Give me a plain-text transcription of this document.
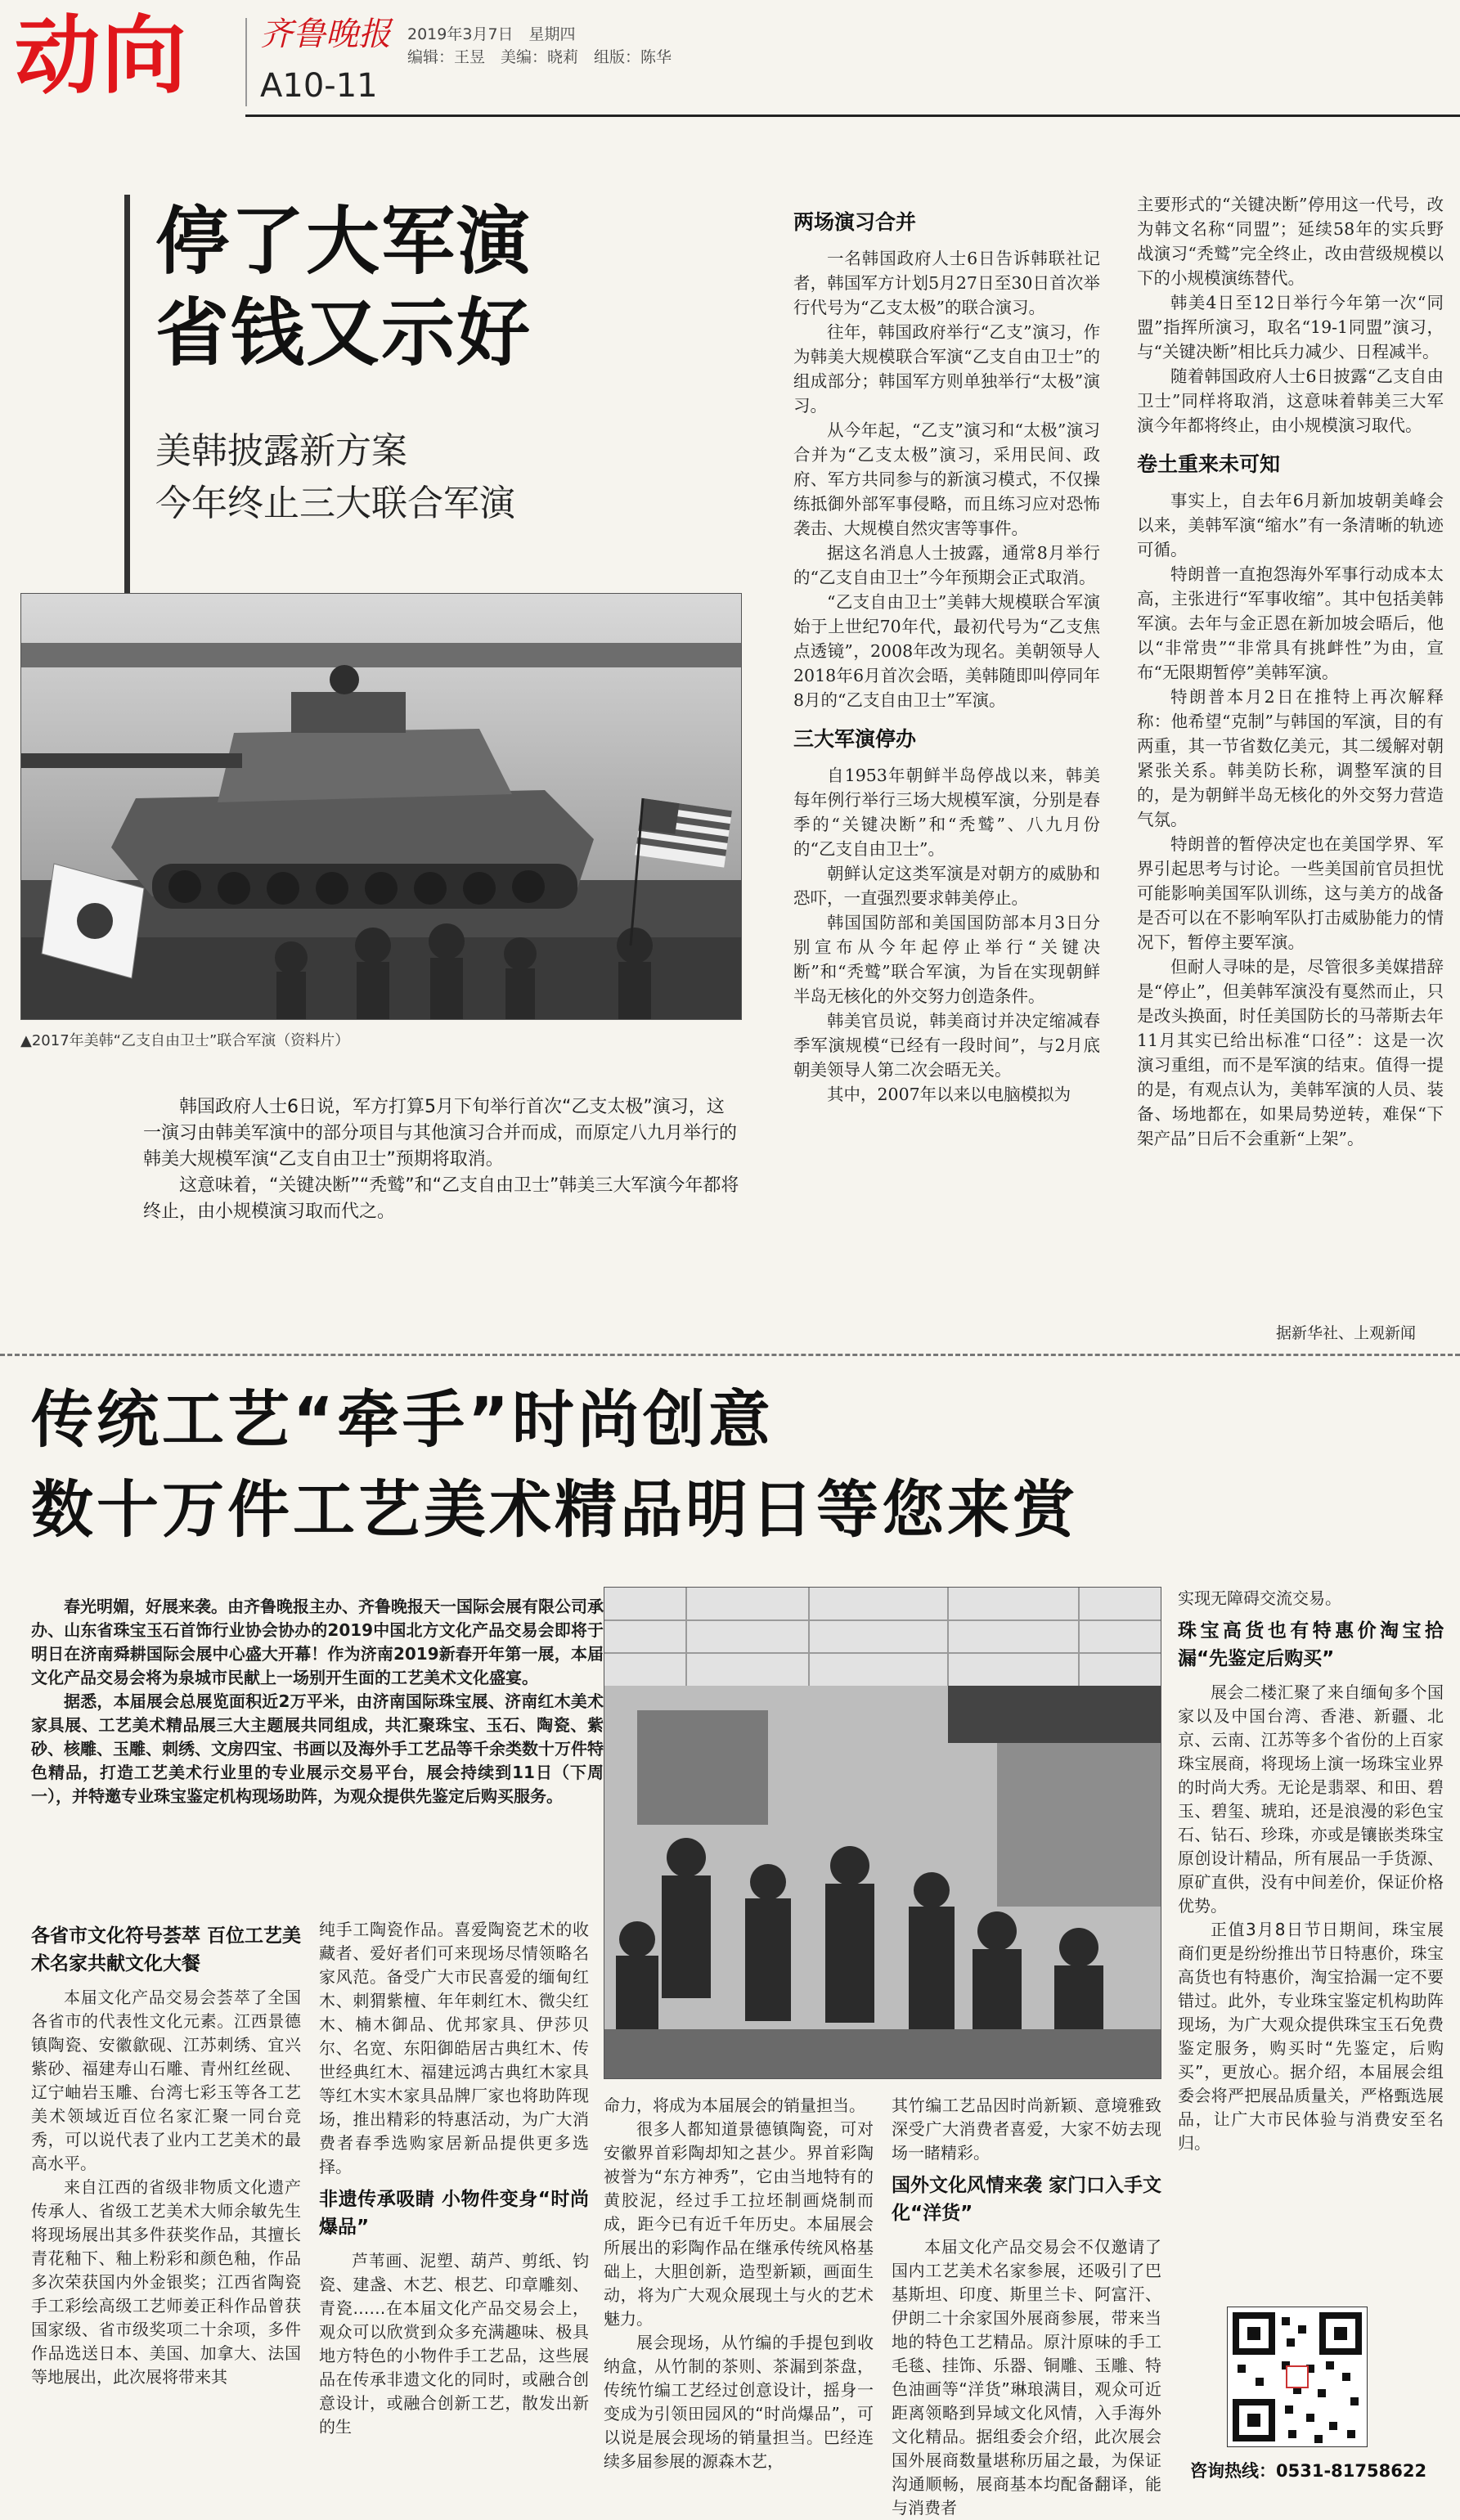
动向 齐鲁晚报
A10-11
2019年3月7日　星期四
编辑：王昱　美编：晓莉　组版：陈华
停了大军演
省钱又示好
美韩披露新方案
今年终止三大联合军演
▲2017年美韩“乙支自由卫士”联合军演（资料片）

韩国政府人士6日说，军方打算5月下旬举行首次“乙支太极”演习，这一演习由韩美军演中的部分项目与其他演习合并而成，而原定八九月举行的韩美大规模军演“乙支自由卫士”预期将取消。

这意味着，“关键决断”“秃鹫”和“乙支自由卫士”韩美三大军演今年都将终止，由小规模演习取而代之。

两场演习合并

一名韩国政府人士6日告诉韩联社记者，韩国军方计划5月27日至30日首次举行代号为“乙支太极”的联合演习。

往年，韩国政府举行“乙支”演习，作为韩美大规模联合军演“乙支自由卫士”的组成部分；韩国军方则单独举行“太极”演习。

从今年起，“乙支”演习和“太极”演习合并为“乙支太极”演习，采用民间、政府、军方共同参与的新演习模式，不仅操练抵御外部军事侵略，而且练习应对恐怖袭击、大规模自然灾害等事件。

据这名消息人士披露，通常8月举行的“乙支自由卫士”今年预期会正式取消。

“乙支自由卫士”美韩大规模联合军演始于上世纪70年代，最初代号为“乙支焦点透镜”，2008年改为现名。美朝领导人2018年6月首次会晤，美韩随即叫停同年8月的“乙支自由卫士”军演。

三大军演停办

自1953年朝鲜半岛停战以来，韩美每年例行举行三场大规模军演，分别是春季的“关键决断”和“秃鹫”、八九月份的“乙支自由卫士”。

朝鲜认定这类军演是对朝方的威胁和恐吓，一直强烈要求韩美停止。

韩国国防部和美国国防部本月3日分别宣布从今年起停止举行“关键决断”和“秃鹫”联合军演，为旨在实现朝鲜半岛无核化的外交努力创造条件。

韩美官员说，韩美商讨并决定缩减春季军演规模“已经有一段时间”，与2月底朝美领导人第二次会晤无关。

其中，2007年以来以电脑模拟为

主要形式的“关键决断”停用这一代号，改为韩文名称“同盟”；延续58年的实兵野战演习“秃鹫”完全终止，改由营级规模以下的小规模演练替代。

韩美4日至12日举行今年第一次“同盟”指挥所演习，取名“19-1同盟”演习，与“关键决断”相比兵力减少、日程减半。

随着韩国政府人士6日披露“乙支自由卫士”同样将取消，这意味着韩美三大军演今年都将终止，由小规模演习取代。

卷土重来未可知

事实上，自去年6月新加坡朝美峰会以来，美韩军演“缩水”有一条清晰的轨迹可循。

特朗普一直抱怨海外军事行动成本太高，主张进行“军事收缩”。其中包括美韩军演。去年与金正恩在新加坡会晤后，他以“非常贵”“非常具有挑衅性”为由，宣布“无限期暂停”美韩军演。

特朗普本月2日在推特上再次解释称：他希望“克制”与韩国的军演，目的有两重，其一节省数亿美元，其二缓解对朝紧张关系。韩美防长称，调整军演的目的，是为朝鲜半岛无核化的外交努力营造气氛。

特朗普的暂停决定也在美国学界、军界引起思考与讨论。一些美国前官员担忧可能影响美国军队训练，这与美方的战备是否可以在不影响军队打击威胁能力的情况下，暂停主要军演。

但耐人寻味的是，尽管很多美媒措辞是“停止”，但美韩军演没有戛然而止，只是改头换面，时任美国防长的马蒂斯去年11月其实已给出标准“口径”：这是一次演习重组，而不是军演的结束。值得一提的是，有观点认为，美韩军演的人员、装备、场地都在，如果局势逆转，难保“下架产品”日后不会重新“上架”。

据新华社、上观新闻
传统工艺“牵手”时尚创意
数十万件工艺美术精品明日等您来赏

春光明媚，好展来袭。由齐鲁晚报主办、齐鲁晚报天一国际会展有限公司承办、山东省珠宝玉石首饰行业协会协办的2019中国北方文化产品交易会即将于明日在济南舜耕国际会展中心盛大开幕！作为济南2019新春开年第一展，本届文化产品交易会将为泉城市民献上一场别开生面的工艺美术文化盛宴。

据悉，本届展会总展览面积近2万平米，由济南国际珠宝展、济南红木美术家具展、工艺美术精品展三大主题展共同组成，共汇聚珠宝、玉石、陶瓷、紫砂、核雕、玉雕、刺绣、文房四宝、书画以及海外手工艺品等千余类数十万件特色精品，打造工艺美术行业里的专业展示交易平台，展会持续到11日（下周一），并特邀专业珠宝鉴定机构现场助阵，为观众提供先鉴定后购买服务。

各省市文化符号荟萃 百位工艺美术名家共献文化大餐

本届文化产品交易会荟萃了全国各省市的代表性文化元素。江西景德镇陶瓷、安徽歙砚、江苏刺绣、宜兴紫砂、福建寿山石雕、青州红丝砚、辽宁岫岩玉雕、台湾七彩玉等各工艺美术领域近百位名家汇聚一同台竞秀，可以说代表了业内工艺美术的最高水平。

来自江西的省级非物质文化遗产传承人、省级工艺美术大师余敏先生将现场展出其多件获奖作品，其擅长青花釉下、釉上粉彩和颜色釉，作品多次荣获国内外金银奖；江西省陶瓷手工彩绘高级工艺师姜正科作品曾获国家级、省市级奖项二十余项，多件作品选送日本、美国、加拿大、法国等地展出，此次展将带来其

纯手工陶瓷作品。喜爱陶瓷艺术的收藏者、爱好者们可来现场尽情领略名家风范。备受广大市民喜爱的缅甸红木、刺猬紫檀、年年刺红木、微尖红木、楠木御品、优邦家具、伊莎贝尔、名宽、东阳御皓居古典红木、传世经典红木、福建远鸿古典红木家具等红木实木家具品牌厂家也将助阵现场，推出精彩的特惠活动，为广大消费者春季选购家居新品提供更多选择。

非遗传承吸睛 小物件变身“时尚爆品”

芦苇画、泥塑、葫芦、剪纸、钧瓷、建盏、木艺、根艺、印章雕刻、青瓷……在本届文化产品交易会上，观众可以欣赏到众多充满趣味、极具地方特色的小物件手工艺品，这些展品在传承非遗文化的同时，或融合创意设计，或融合创新工艺，散发出新的生

命力，将成为本届展会的销量担当。

很多人都知道景德镇陶瓷，可对安徽界首彩陶却知之甚少。界首彩陶被誉为“东方神秀”，它由当地特有的黄胶泥，经过手工拉坯制画烧制而成，距今已有近千年历史。本届展会所展出的彩陶作品在继承传统风格基础上，大胆创新，造型新颖，画面生动，将为广大观众展现土与火的艺术魅力。

展会现场，从竹编的手提包到收纳盒，从竹制的茶则、茶漏到茶盘，传统竹编工艺经过创意设计，摇身一变成为引领田园风的“时尚爆品”，可以说是展会现场的销量担当。巴经连续多届参展的源森木艺，

其竹编工艺品因时尚新颖、意境雅致深受广大消费者喜爱，大家不妨去现场一睹精彩。

国外文化风情来袭 家门口入手文化“洋货”

本届文化产品交易会不仅邀请了国内工艺美术名家参展，还吸引了巴基斯坦、印度、斯里兰卡、阿富汗、伊朗二十余家国外展商参展，带来当地的特色工艺精品。原汁原味的手工毛毯、挂饰、乐器、铜雕、玉雕、特色油画等“洋货”琳琅满目，观众可近距离领略到异域文化风情，入手海外文化精品。据组委会介绍，此次展会国外展商数量堪称历届之最，为保证沟通顺畅，展商基本均配备翻译，能与消费者

实现无障碍交流交易。

珠宝高货也有特惠价淘宝拾漏“先鉴定后购买”

展会二楼汇聚了来自缅甸多个国家以及中国台湾、香港、新疆、北京、云南、江苏等多个省份的上百家珠宝展商，将现场上演一场珠宝业界的时尚大秀。无论是翡翠、和田、碧玉、碧玺、琥珀，还是浪漫的彩色宝石、钻石、珍珠，亦或是镶嵌类珠宝原创设计精品，所有展品一手货源、原矿直供，没有中间差价，保证价格优势。

正值3月8日节日期间，珠宝展商们更是纷纷推出节日特惠价，珠宝高货也有特惠价，淘宝拾漏一定不要错过。此外，专业珠宝鉴定机构助阵现场，为广大观众提供珠宝玉石免费鉴定服务，购买时“先鉴定，后购买”，更放心。据介绍，本届展会组委会将严把展品质量关，严格甄选展品，让广大市民体验与消费安至名归。

咨询热线：0531-81758622
